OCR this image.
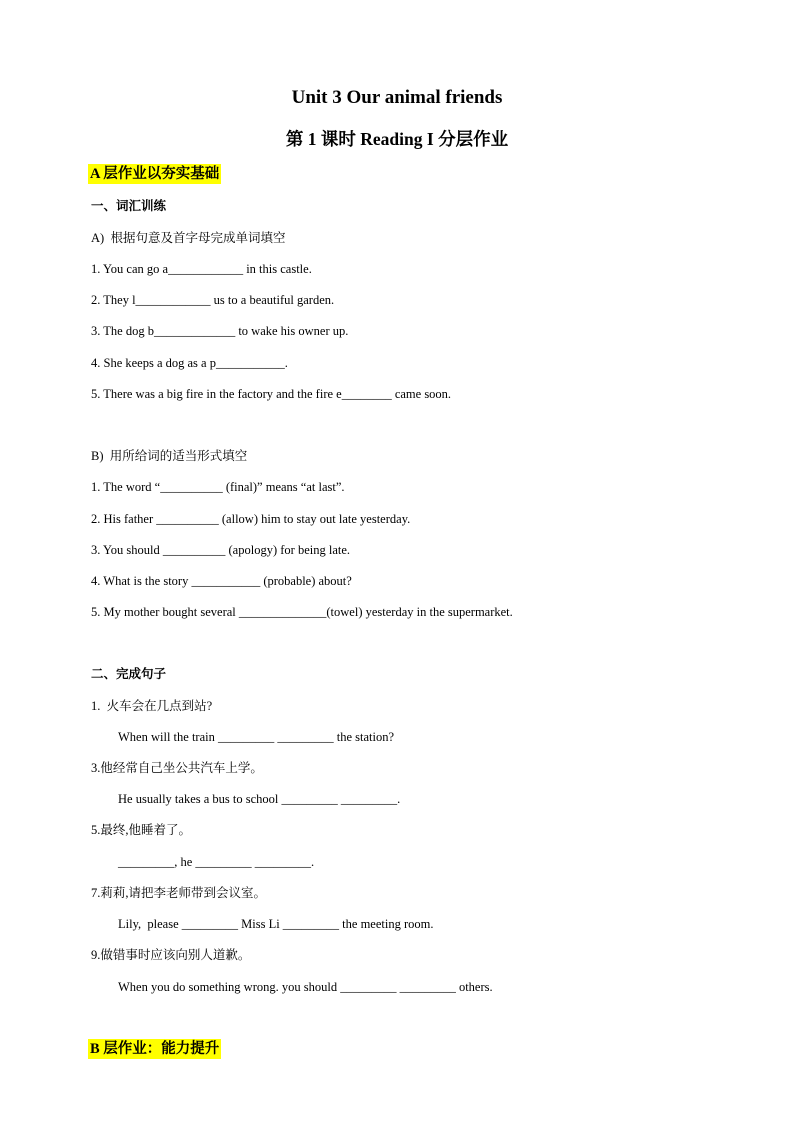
Unit 3 Our animal friends
第 1 课时 Reading I 分层作业
A 层作业以夯实基础
一、词汇训练
A)  根据句意及首字母完成单词填空
1. You can go a____________ in this castle.
2. They l____________ us to a beautiful garden.
3. The dog b_____________ to wake his owner up.
4. She keeps a dog as a p___________.
5. There was a big fire in the factory and the fire e________ came soon.
B)  用所给词的适当形式填空
1. The word “__________ (final)” means “at last”.
2. His father __________ (allow) him to stay out late yesterday.
3. You should __________ (apology) for being late.
4. What is the story ___________ (probable) about?
5. My mother bought several ______________(towel) yesterday in the supermarket.
二、完成句子
1.  火车会在几点到站?
When will the train _________ _________ the station?
3.他经常自己坐公共汽车上学。
He usually takes a bus to school _________ _________.
5.最终,他睡着了。
_________, he _________ _________.
7.莉莉,请把李老师带到会议室。
Lily,  please _________ Miss Li _________ the meeting room.
9.做错事时应该向别人道歉。
When you do something wrong. you should _________ _________ others.
B 层作业：能力提升
